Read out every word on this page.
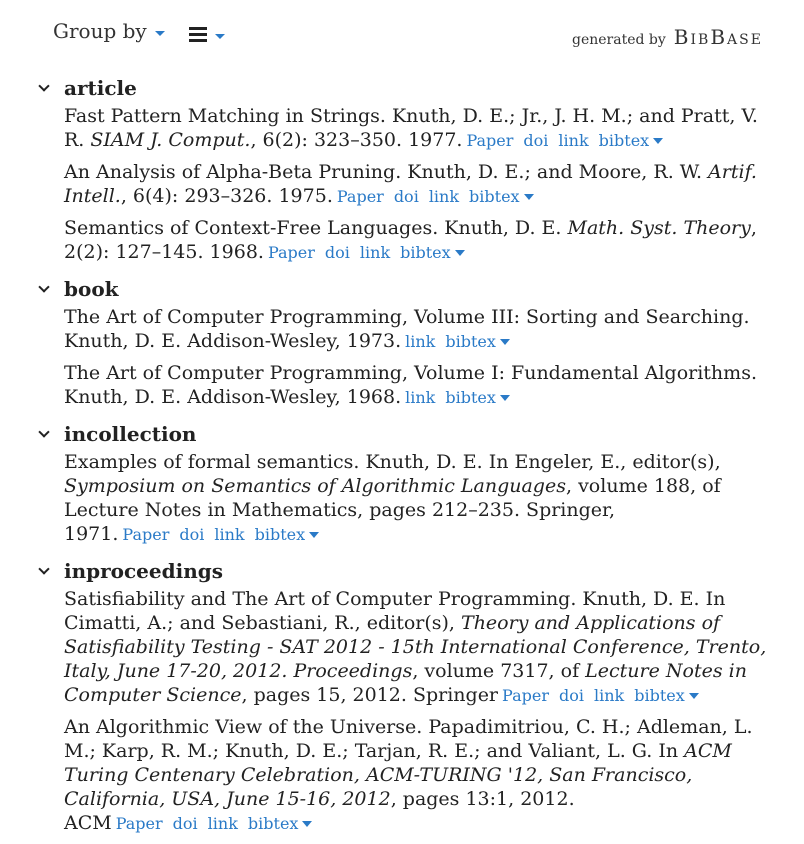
Group by	generated by BibBase
article
Fast Pattern Matching in Strings. Knuth, D. E.; Jr., J. H. M.; and Pratt, V. R. SIAM J. Comput., 6(2): 323–350. 1977. Paper doi link bibtex
An Analysis of Alpha-Beta Pruning. Knuth, D. E.; and Moore, R. W. Artif. Intell., 6(4): 293–326. 1975. Paper doi link bibtex
Semantics of Context-Free Languages. Knuth, D. E. Math. Syst. Theory, 2(2): 127–145. 1968. Paper doi link bibtex
book
The Art of Computer Programming, Volume III: Sorting and Searching. Knuth, D. E. Addison-Wesley, 1973. link bibtex
The Art of Computer Programming, Volume I: Fundamental Algorithms. Knuth, D. E. Addison-Wesley, 1968. link bibtex
incollection
Examples of formal semantics. Knuth, D. E. In Engeler, E., editor(s), Symposium on Semantics of Algorithmic Languages, volume 188, of Lecture Notes in Mathematics, pages 212–235. Springer, 1971. Paper doi link bibtex
inproceedings
Satisfiability and The Art of Computer Programming. Knuth, D. E. In Cimatti, A.; and Sebastiani, R., editor(s), Theory and Applications of Satisfiability Testing - SAT 2012 - 15th International Conference, Trento, Italy, June 17-20, 2012. Proceedings, volume 7317, of Lecture Notes in Computer Science, pages 15, 2012. Springer Paper doi link bibtex
An Algorithmic View of the Universe. Papadimitriou, C. H.; Adleman, L. M.; Karp, R. M.; Knuth, D. E.; Tarjan, R. E.; and Valiant, L. G. In ACM Turing Centenary Celebration, ACM-TURING '12, San Francisco, California, USA, June 15-16, 2012, pages 13:1, 2012. ACM Paper doi link bibtex
